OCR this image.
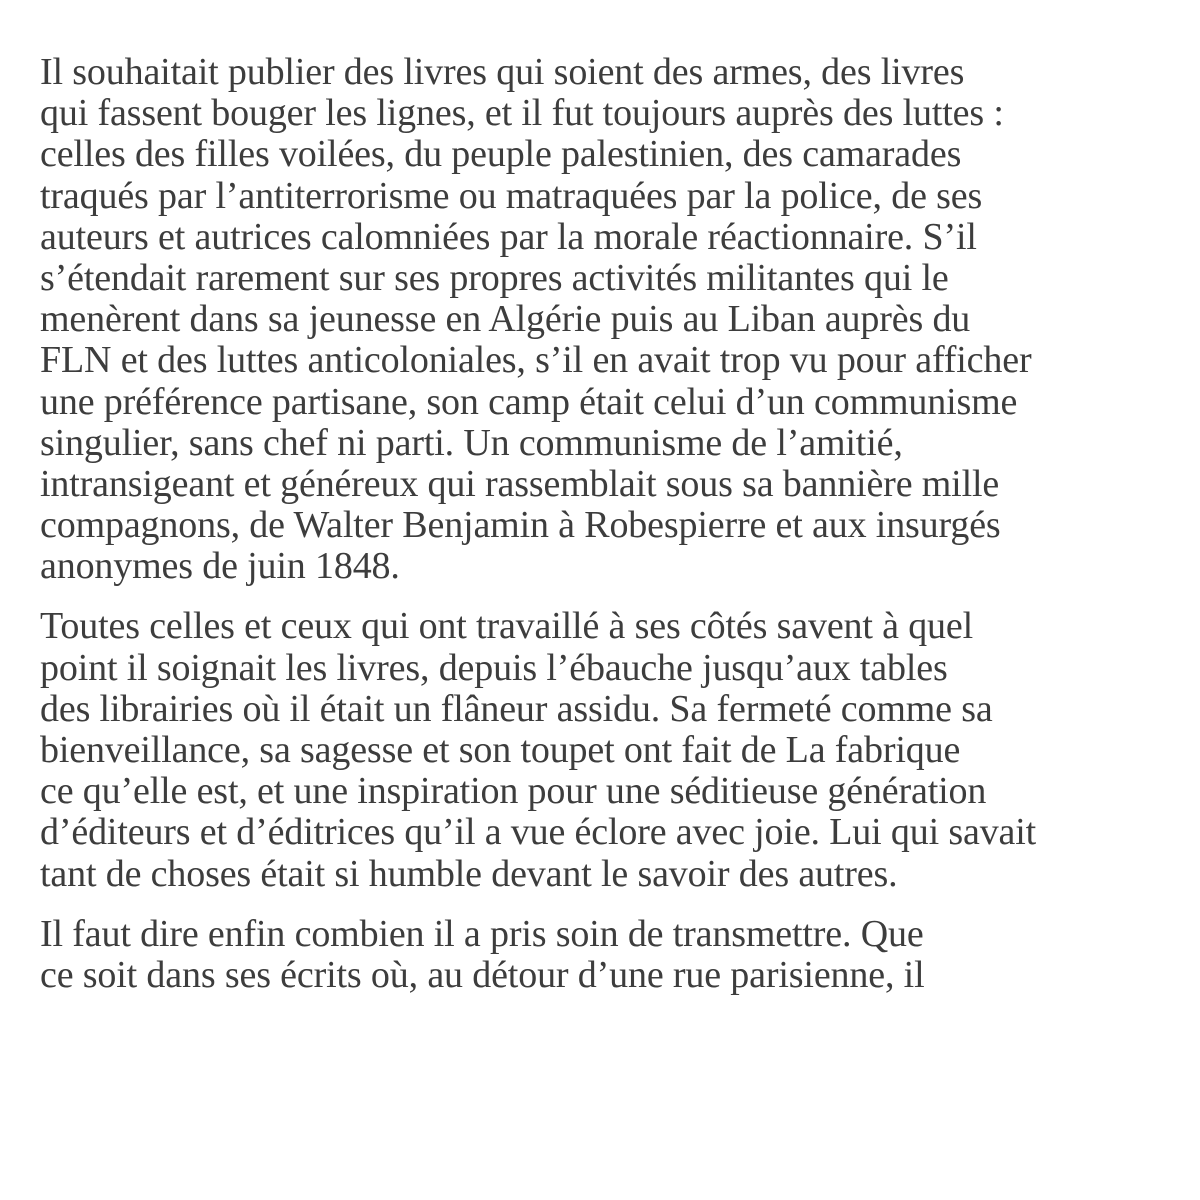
Il souhaitait publier des livres qui soient des armes, des livres
qui fassent bouger les lignes, et il fut toujours auprès des luttes :
celles des filles voilées, du peuple palestinien, des camarades
traqués par l’antiterrorisme ou matraquées par la police, de ses
auteurs et autrices calomniées par la morale réactionnaire. S’il
s’étendait rarement sur ses propres activités militantes qui le
menèrent dans sa jeunesse en Algérie puis au Liban auprès du
FLN et des luttes anticoloniales, s’il en avait trop vu pour afficher
une préférence partisane, son camp était celui d’un communisme
singulier, sans chef ni parti. Un communisme de l’amitié,
intransigeant et généreux qui rassemblait sous sa bannière mille
compagnons, de Walter Benjamin à Robespierre et aux insurgés
anonymes de juin 1848.
Toutes celles et ceux qui ont travaillé à ses côtés savent à quel
point il soignait les livres, depuis l’ébauche jusqu’aux tables
des librairies où il était un flâneur assidu. Sa fermeté comme sa
bienveillance, sa sagesse et son toupet ont fait de La fabrique
ce qu’elle est, et une inspiration pour une séditieuse génération
d’éditeurs et d’éditrices qu’il a vue éclore avec joie. Lui qui savait
tant de choses était si humble devant le savoir des autres.
Il faut dire enfin combien il a pris soin de transmettre. Que
ce soit dans ses écrits où, au détour d’une rue parisienne, il
